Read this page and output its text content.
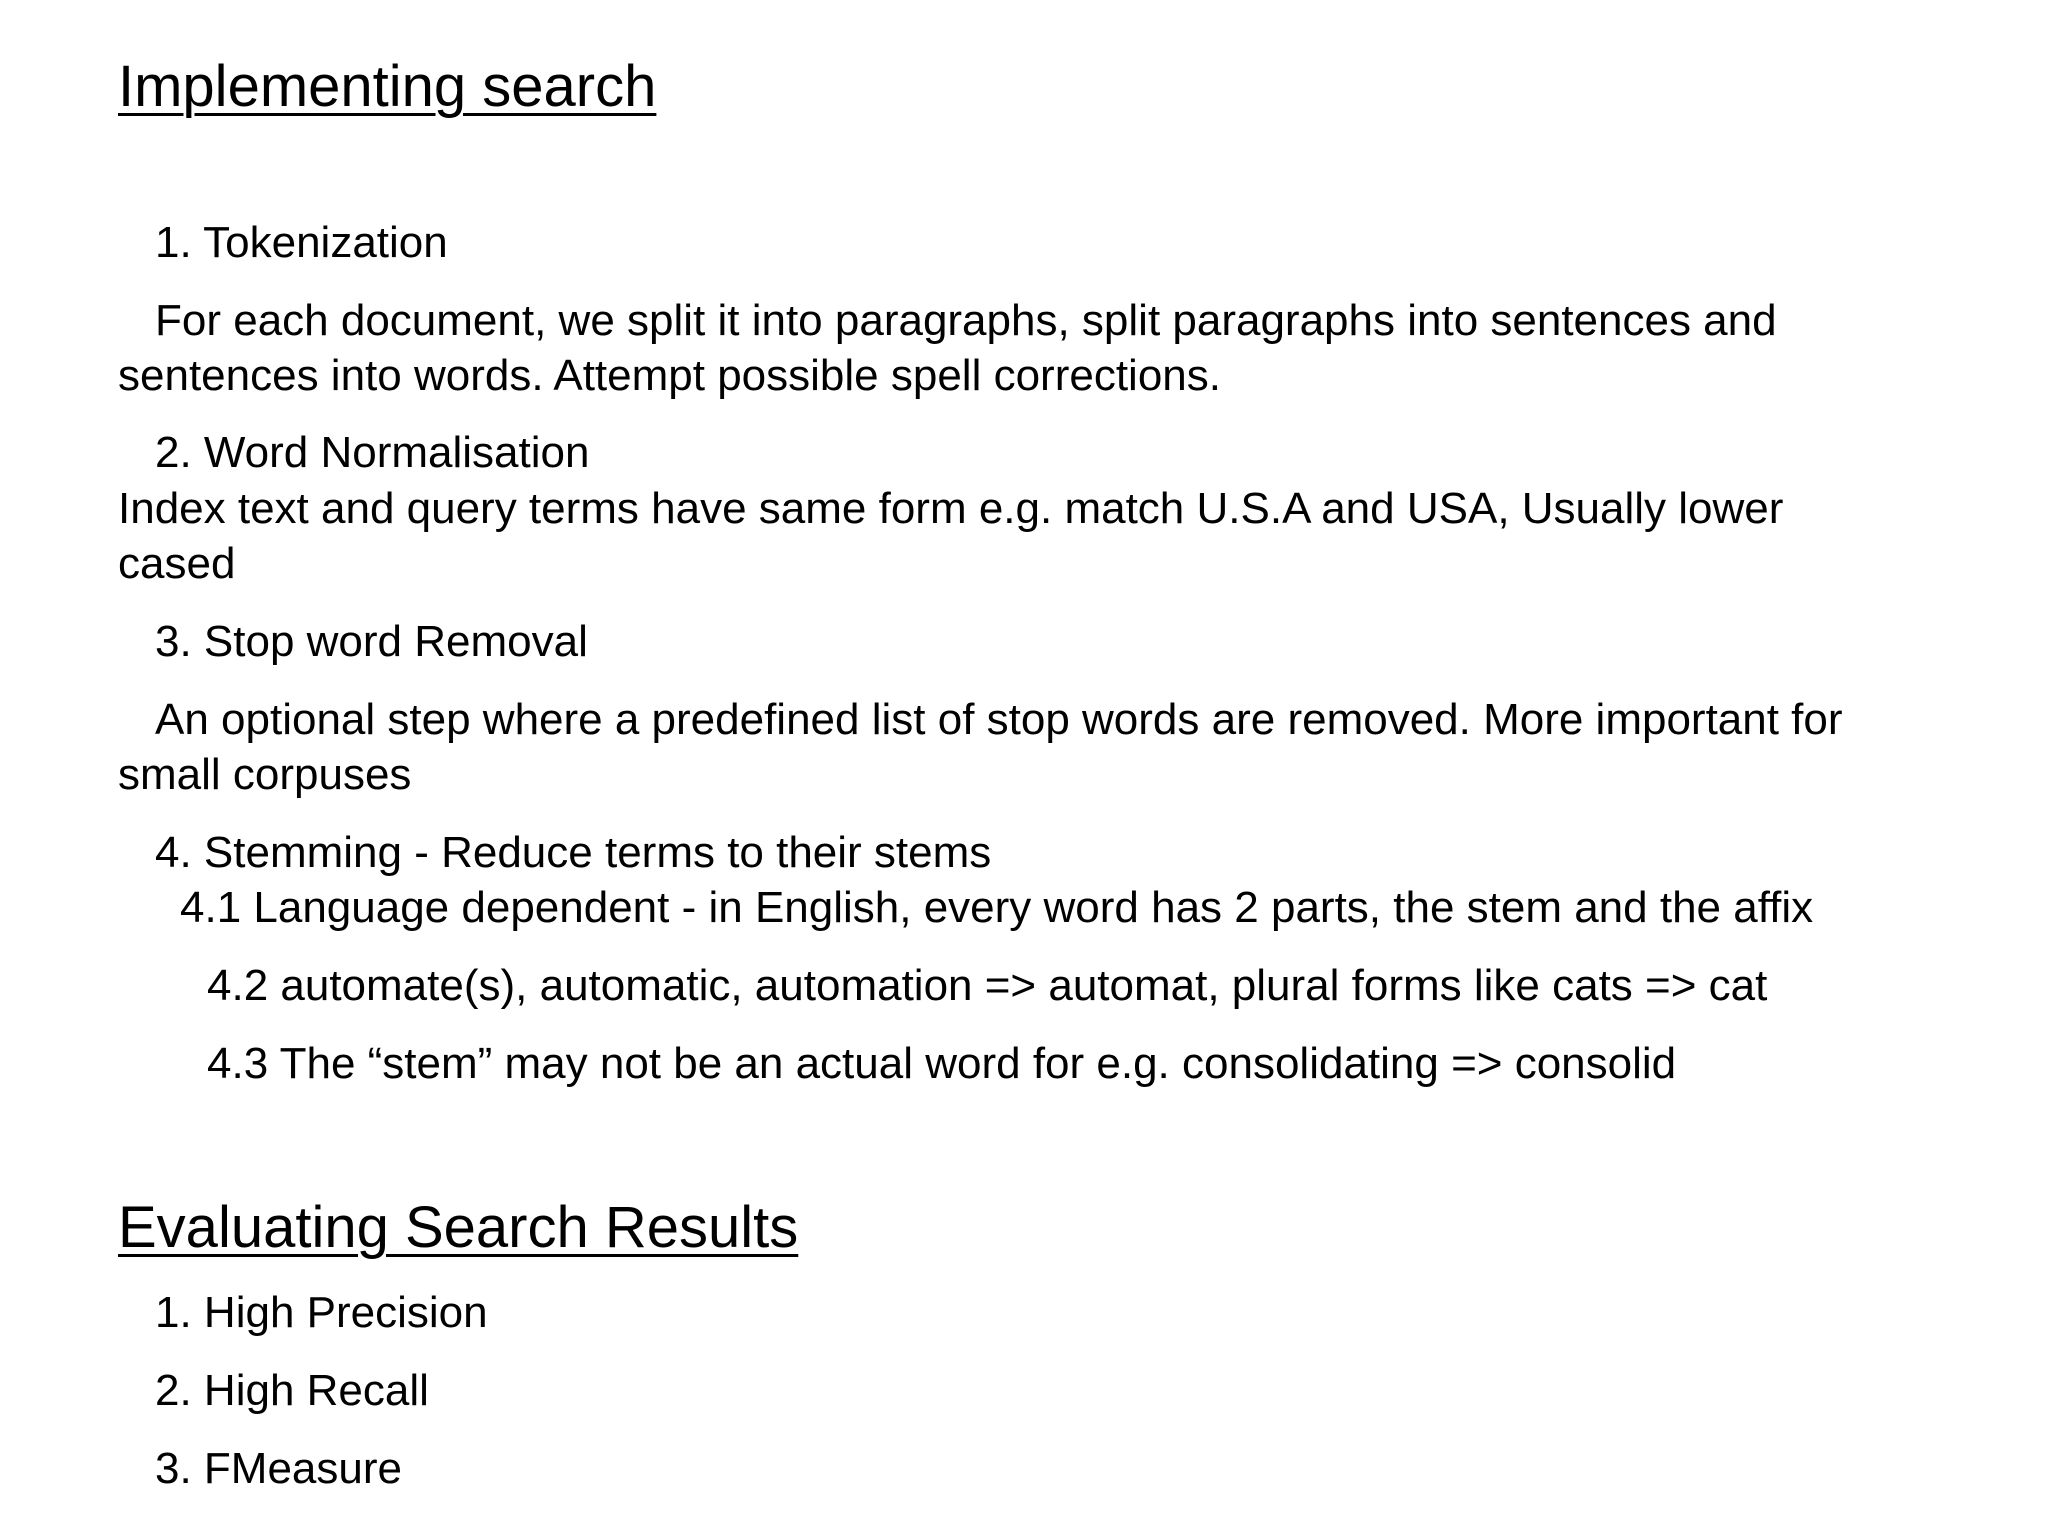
Implementing search
1. Tokenization
For each document, we split it into paragraphs, split paragraphs into sentences and
sentences into words. Attempt possible spell corrections.
2. Word Normalisation
Index text and query terms have same form e.g. match U.S.A and USA, Usually lower
cased
3. Stop word Removal
An optional step where a predefined list of stop words are removed. More important for
small corpuses
4. Stemming - Reduce terms to their stems
4.1 Language dependent - in English, every word has 2 parts, the stem and the affix
4.2 automate(s), automatic, automation => automat, plural forms like cats => cat
4.3 The “stem” may not be an actual word for e.g. consolidating => consolid
Evaluating Search Results
1. High Precision
2. High Recall
3. FMeasure
